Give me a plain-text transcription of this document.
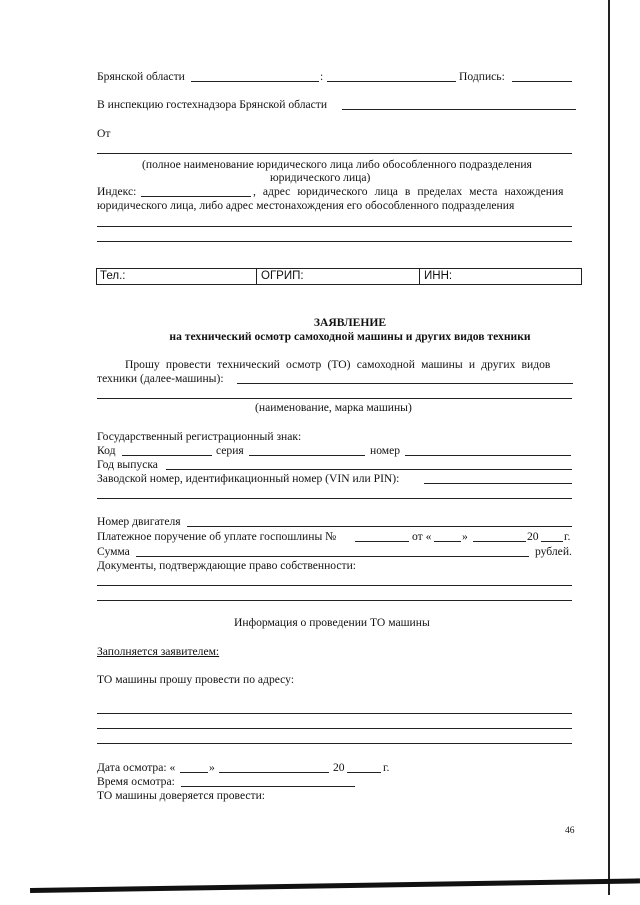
Брянской области	:	Подпись:
В инспекцию гостехнадзора Брянской области
От
(полное наименование юридического лица либо обособленного подразделения
юридического лица)
Индекс:	, адрес юридического лица в пределах места нахождения
юридического лица, либо адрес местонахождения его обособленного подразделения
Тел.:	ОГРИП:	ИНН:
ЗАЯВЛЕНИЕ
на технический осмотр самоходной машины и других видов техники
Прошу провести технический осмотр (ТО) самоходной машины и других видов
техники (далее-машины):
(наименование, марка машины)
Государственный регистрационный знак:
Код	серия	номер
Год выпуска
Заводской номер, идентификационный номер (VIN или PIN):
Номер двигателя
Платежное поручение об уплате госпошлины №	от «	»	20 г.
Сумма	рублей.
Документы, подтверждающие право собственности:
Информация о проведении ТО машины
Заполняется заявителем:
ТО машины прошу провести по адресу:
Дата осмотра: «	»	20	г.
Время осмотра:
ТО машины доверяется провести:
46
